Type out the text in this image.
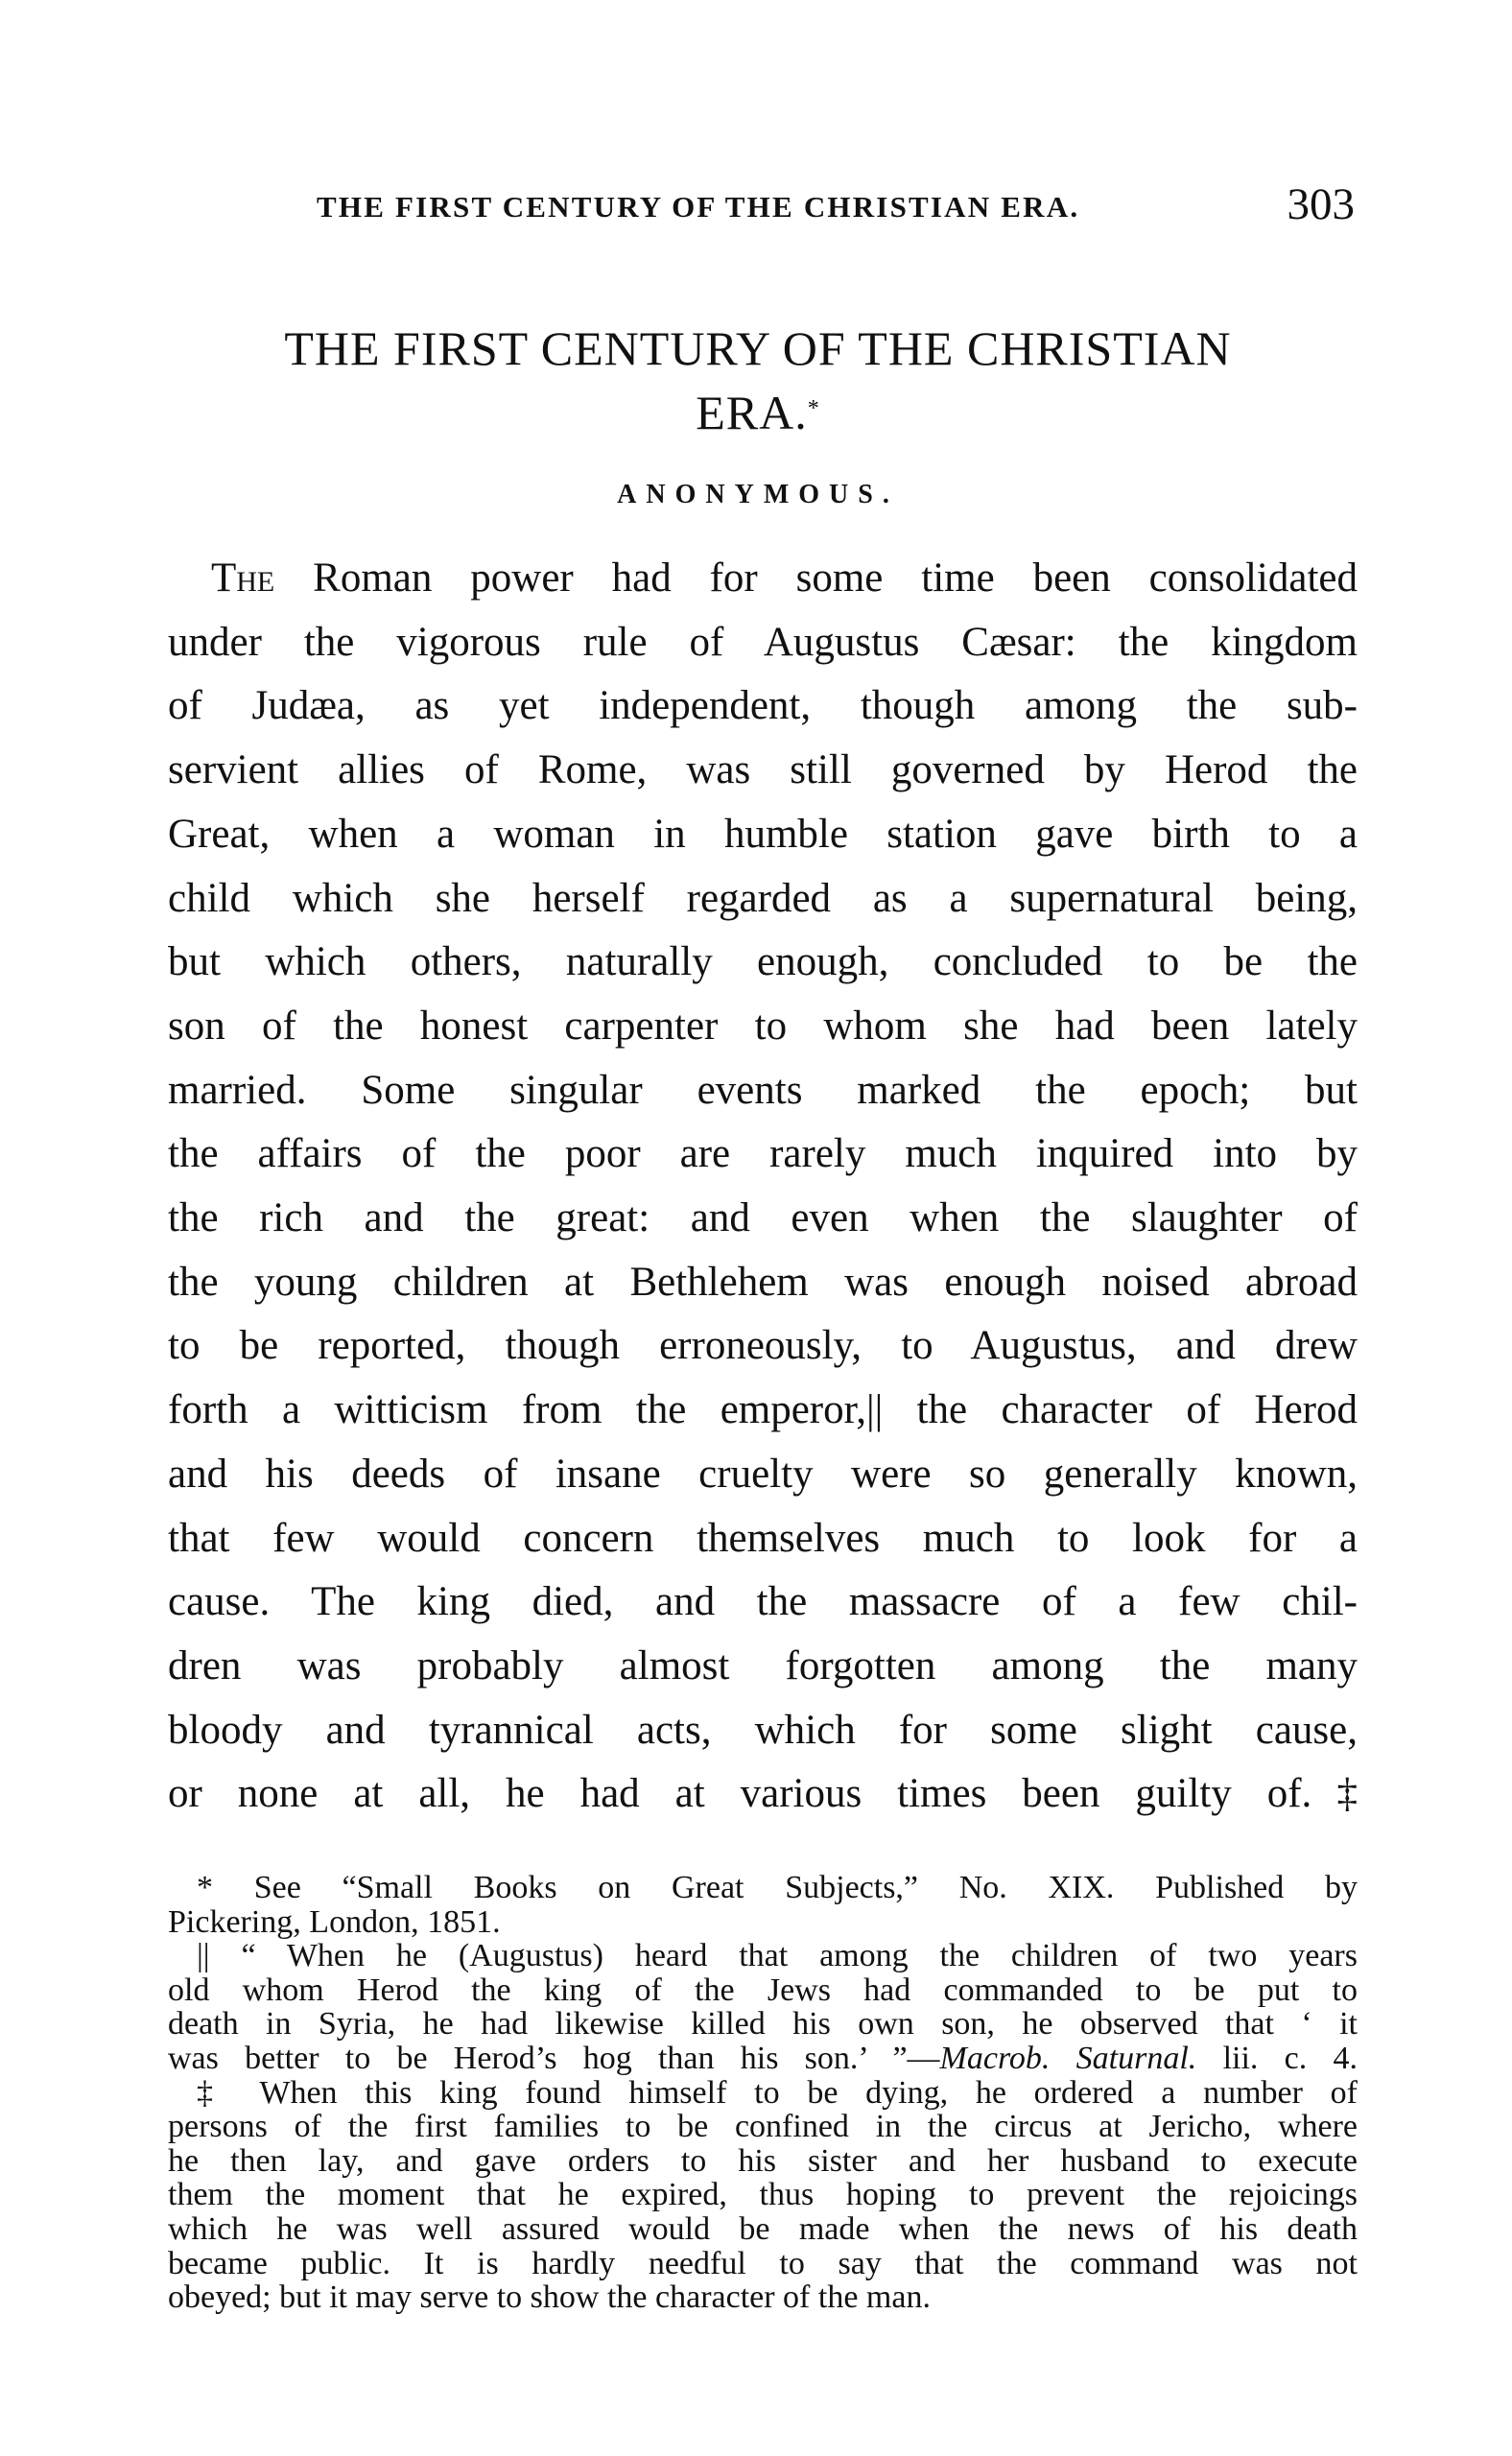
THE FIRST CENTURY OF THE CHRISTIAN ERA.	303
THE FIRST CENTURY OF THE CHRISTIAN
ERA.*
ANONYMOUS.
The Roman power had for some time been consolidated
under the vigorous rule of Augustus Cæsar: the kingdom
of Judæa, as yet independent, though among the sub-
servient allies of Rome, was still governed by Herod the
Great, when a woman in humble station gave birth to a
child which she herself regarded as a supernatural being,
but which others, naturally enough, concluded to be the
son of the honest carpenter to whom she had been lately
married. Some singular events marked the epoch; but
the affairs of the poor are rarely much inquired into by
the rich and the great: and even when the slaughter of
the young children at Bethlehem was enough noised abroad
to be reported, though erroneously, to Augustus, and drew
forth a witticism from the emperor,|| the character of Herod
and his deeds of insane cruelty were so generally known,
that few would concern themselves much to look for a
cause. The king died, and the massacre of a few chil-
dren was probably almost forgotten among the many
bloody and tyrannical acts, which for some slight cause,
or none at all, he had at various times been guilty of.‡
* See “Small Books on Great Subjects,” No. XIX. Published by
Pickering, London, 1851.
|| “ When he (Augustus) heard that among the children of two years
old whom Herod the king of the Jews had commanded to be put to
death in Syria, he had likewise killed his own son, he observed that ‘ it
was better to be Herod’s hog than his son.’ ”—Macrob. Saturnal. lii. c. 4.
‡ When this king found himself to be dying, he ordered a number of
persons of the first families to be confined in the circus at Jericho, where
he then lay, and gave orders to his sister and her husband to execute
them the moment that he expired, thus hoping to prevent the rejoicings
which he was well assured would be made when the news of his death
became public. It is hardly needful to say that the command was not
obeyed; but it may serve to show the character of the man.
